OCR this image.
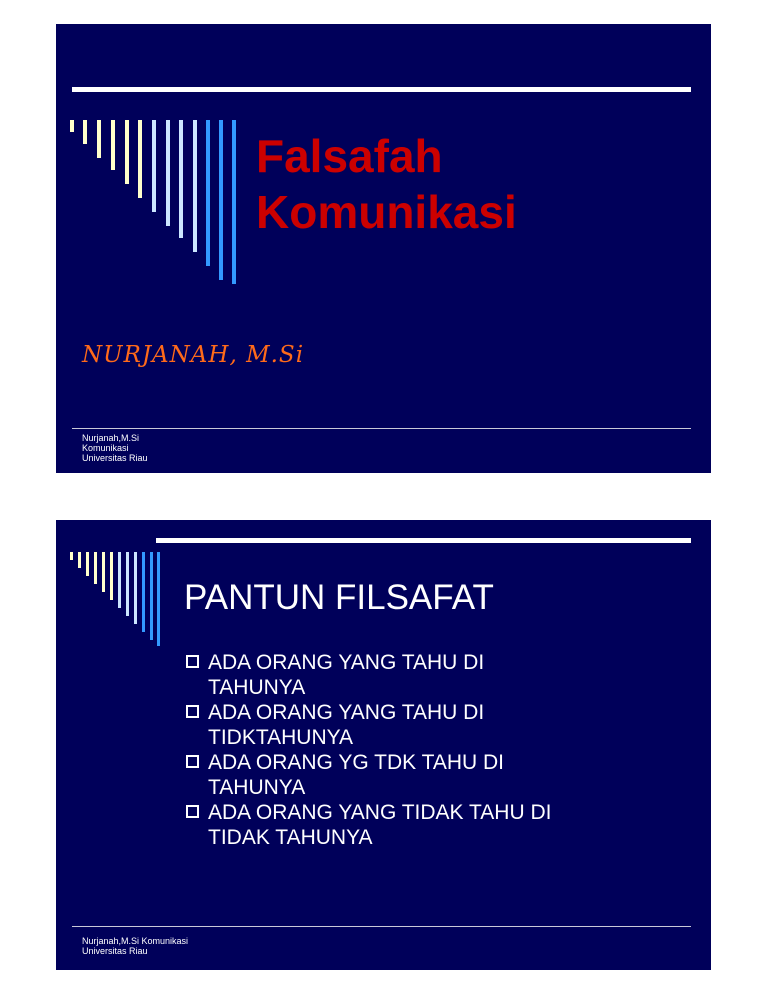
Falsafah
Komunikasi
NURJANAH, M.Si
Nurjanah,M.Si
Komunikasi
Universitas Riau
PANTUN FILSAFAT
ADA ORANG YANG TAHU DI
TAHUNYA
ADA ORANG YANG TAHU DI
TIDKTAHUNYA
ADA ORANG YG TDK TAHU DI
TAHUNYA
ADA ORANG YANG TIDAK TAHU DI
TIDAK TAHUNYA
Nurjanah,M.Si Komunikasi
Universitas Riau
